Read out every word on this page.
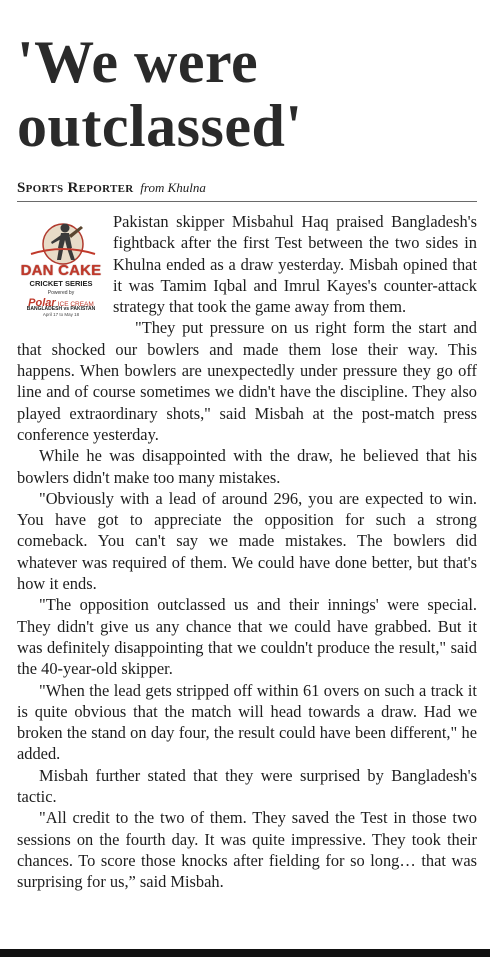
'We were outclassed'
Sports Reporter from Khulna
DAN CAKE
CRICKET SERIES
Powered by
Polar ICE CREAM
BANGLADESH vs PAKISTAN
April 17 to May 18

Pakistan skipper Misbahul Haq praised Bangladesh's fightback after the first Test between the two sides in Khulna ended as a draw yesterday. Misbah opined that it was Tamim Iqbal and Imrul Kayes's counter-attack strategy that took the game away from them.

"They put pressure on us right form the start and that shocked our bowlers and made them lose their way. This happens. When bowlers are unexpectedly under pressure they go off line and of course sometimes we didn't have the discipline. They also played extraordinary shots," said Misbah at the post-match press conference yesterday.

While he was disappointed with the draw, he believed that his bowlers didn't make too many mistakes.

"Obviously with a lead of around 296, you are expected to win. You have got to appreciate the opposition for such a strong comeback. You can't say we made mistakes. The bowlers did whatever was required of them. We could have done better, but that's how it ends.

"The opposition outclassed us and their innings' were special. They didn't give us any chance that we could have grabbed. But it was definitely disappointing that we couldn't produce the result," said the 40-year-old skipper.

"When the lead gets stripped off within 61 overs on such a track it is quite obvious that the match will head towards a draw. Had we broken the stand on day four, the result could have been different," he added.

Misbah further stated that they were surprised by Bangladesh's tactic.

"All credit to the two of them. They saved the Test in those two sessions on the fourth day. It was quite impressive. They took their chances. To score those knocks after fielding for so long… that was surprising for us,” said Misbah.
